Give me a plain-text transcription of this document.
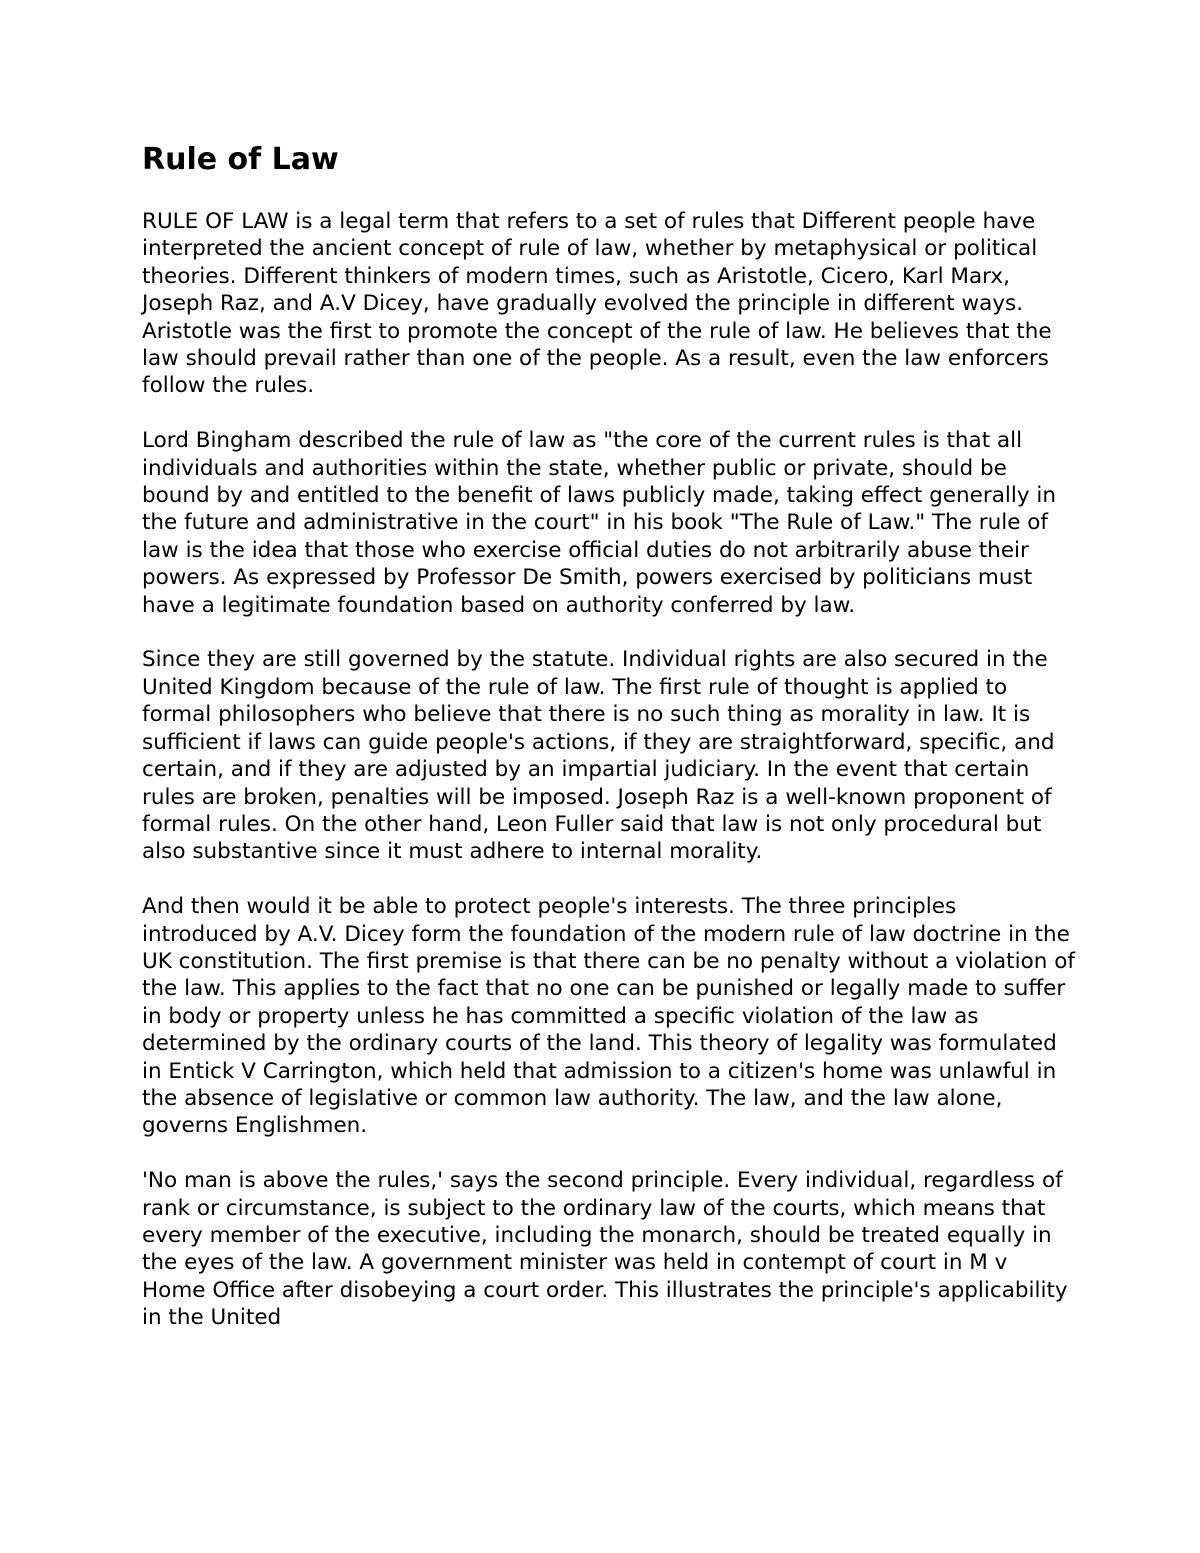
Rule of Law

RULE OF LAW is a legal term that refers to a set of rules that Different people have interpreted the ancient concept of rule of law, whether by metaphysical or political theories. Different thinkers of modern times, such as Aristotle, Cicero, Karl Marx, Joseph Raz, and A.V Dicey, have gradually evolved the principle in different ways. Aristotle was the first to promote the concept of the rule of law. He believes that the law should prevail rather than one of the people. As a result, even the law enforcers follow the rules.

Lord Bingham described the rule of law as "the core of the current rules is that all individuals and authorities within the state, whether public or private, should be bound by and entitled to the benefit of laws publicly made, taking effect generally in the future and administrative in the court" in his book "The Rule of Law." The rule of law is the idea that those who exercise official duties do not arbitrarily abuse their powers. As expressed by Professor De Smith, powers exercised by politicians must have a legitimate foundation based on authority conferred by law.

Since they are still governed by the statute. Individual rights are also secured in the United Kingdom because of the rule of law. The first rule of thought is applied to formal philosophers who believe that there is no such thing as morality in law. It is sufficient if laws can guide people's actions, if they are straightforward, specific, and certain, and if they are adjusted by an impartial judiciary. In the event that certain rules are broken, penalties will be imposed. Joseph Raz is a well-known proponent of formal rules. On the other hand, Leon Fuller said that law is not only procedural but also substantive since it must adhere to internal morality.

And then would it be able to protect people's interests. The three principles introduced by A.V. Dicey form the foundation of the modern rule of law doctrine in the UK constitution. The first premise is that there can be no penalty without a violation of the law. This applies to the fact that no one can be punished or legally made to suffer in body or property unless he has committed a specific violation of the law as determined by the ordinary courts of the land. This theory of legality was formulated in Entick V Carrington, which held that admission to a citizen's home was unlawful in the absence of legislative or common law authority. The law, and the law alone, governs Englishmen.

'No man is above the rules,' says the second principle. Every individual, regardless of rank or circumstance, is subject to the ordinary law of the courts, which means that every member of the executive, including the monarch, should be treated equally in the eyes of the law. A government minister was held in contempt of court in M v Home Office after disobeying a court order. This illustrates the principle's applicability in the United
